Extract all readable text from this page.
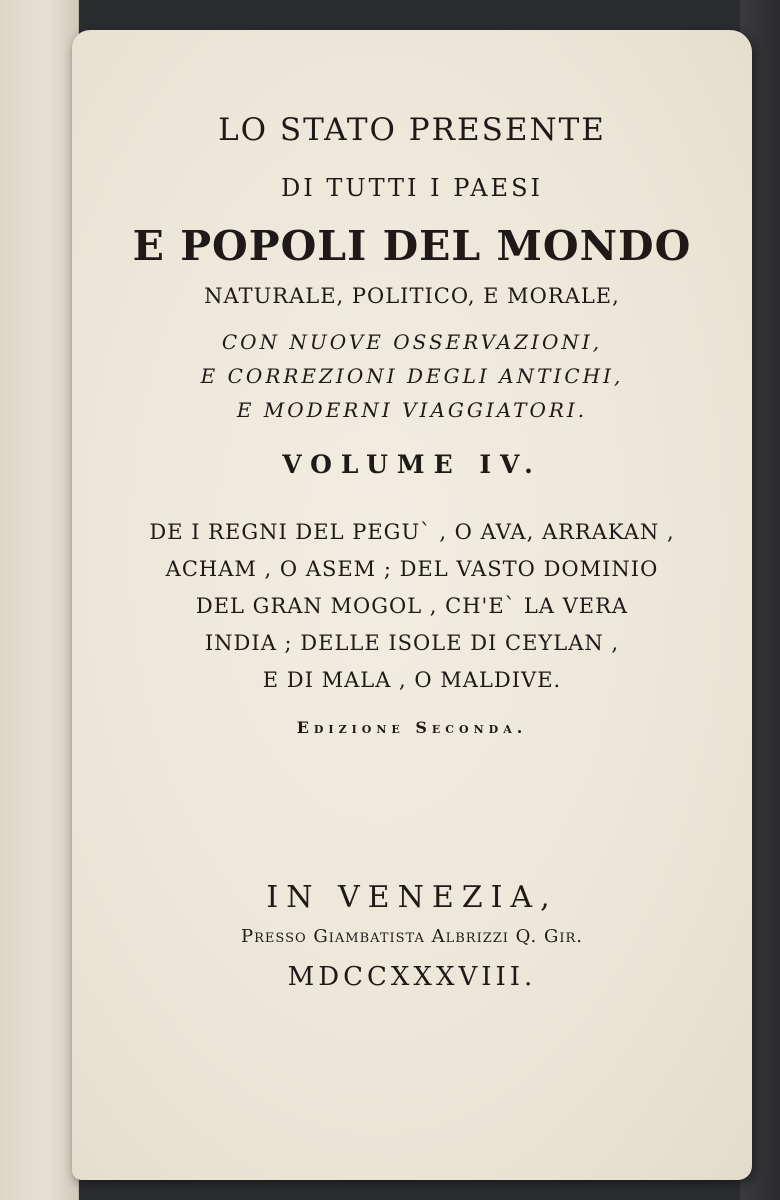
LO STATO PRESENTE
DI TUTTI I PAESI
E POPOLI DEL MONDO
NATURALE, POLITICO, E MORALE,
CON NUOVE OSSERVAZIONI,
E CORREZIONI DEGLI ANTICHI,
E MODERNI VIAGGIATORI.
VOLUME IV.
DE I REGNI DEL PEGU` , O AVA, ARRAKAN ,
ACHAM , O ASEM ; DEL VASTO DOMINIO
DEL GRAN MOGOL , CH'E` LA VERA
INDIA ; DELLE ISOLE DI CEYLAN ,
E DI MALA , O MALDIVE.
Edizione Seconda.
IN VENEZIA,
Presso Giambatista Albrizzi Q. Gir.
MDCCXXXVIII.
